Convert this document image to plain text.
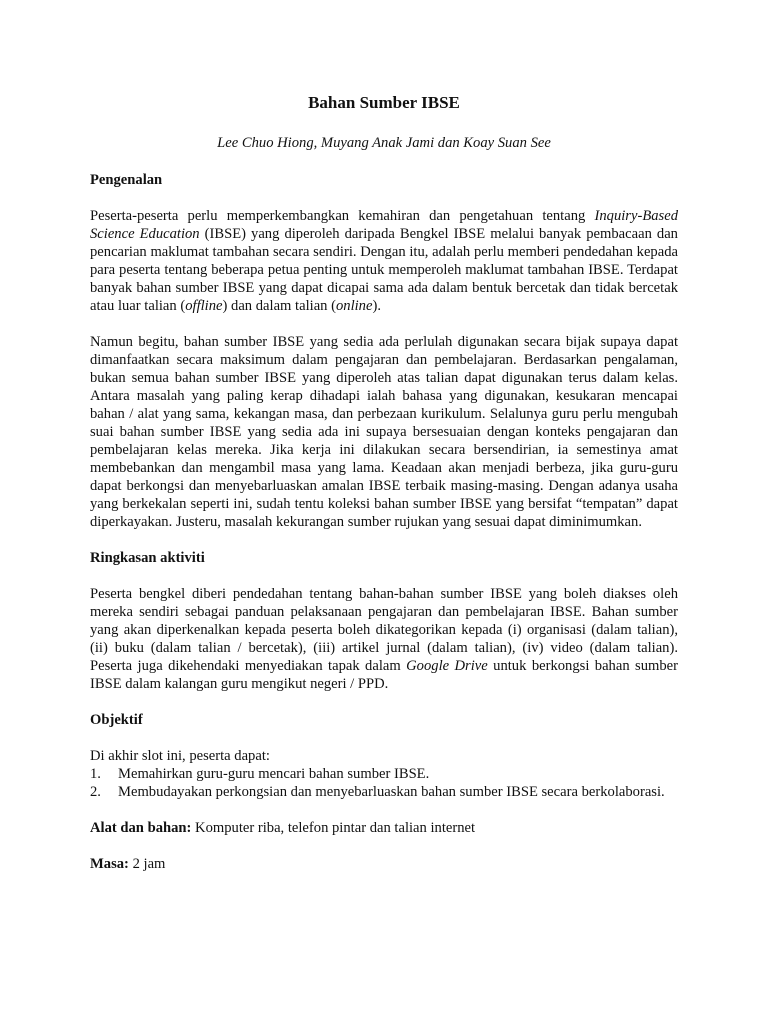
Bahan Sumber IBSE
Lee Chuo Hiong, Muyang Anak Jami dan Koay Suan See
Pengenalan

Peserta-peserta perlu memperkembangkan kemahiran dan pengetahuan tentang Inquiry-Based Science Education (IBSE) yang diperoleh daripada Bengkel IBSE melalui banyak pembacaan dan pencarian maklumat tambahan secara sendiri. Dengan itu, adalah perlu memberi pendedahan kepada para peserta tentang beberapa petua penting untuk memperoleh maklumat tambahan IBSE. Terdapat banyak bahan sumber IBSE yang dapat dicapai sama ada dalam bentuk bercetak dan tidak bercetak atau luar talian (offline) dan dalam talian (online).

Namun begitu, bahan sumber IBSE yang sedia ada perlulah digunakan secara bijak supaya dapat dimanfaatkan secara maksimum dalam pengajaran dan pembelajaran. Berdasarkan pengalaman, bukan semua bahan sumber IBSE yang diperoleh atas talian dapat digunakan terus dalam kelas. Antara masalah yang paling kerap dihadapi ialah bahasa yang digunakan, kesukaran mencapai bahan / alat yang sama, kekangan masa, dan perbezaan kurikulum. Selalunya guru perlu mengubah suai bahan sumber IBSE yang sedia ada ini supaya bersesuaian dengan konteks pengajaran dan pembelajaran kelas mereka. Jika kerja ini dilakukan secara bersendirian, ia semestinya amat membebankan dan mengambil masa yang lama. Keadaan akan menjadi berbeza, jika guru-guru dapat berkongsi dan menyebarluaskan amalan IBSE terbaik masing-masing. Dengan adanya usaha yang berkekalan seperti ini, sudah tentu koleksi bahan sumber IBSE yang bersifat “tempatan” dapat diperkayakan. Justeru, masalah kekurangan sumber rujukan yang sesuai dapat diminimumkan.

Ringkasan aktiviti

Peserta bengkel diberi pendedahan tentang bahan-bahan sumber IBSE yang boleh diakses oleh mereka sendiri sebagai panduan pelaksanaan pengajaran dan pembelajaran IBSE. Bahan sumber yang akan diperkenalkan kepada peserta boleh dikategorikan kepada (i) organisasi (dalam talian), (ii) buku (dalam talian / bercetak), (iii) artikel jurnal (dalam talian), (iv) video (dalam talian). Peserta juga dikehendaki menyediakan tapak dalam Google Drive untuk berkongsi bahan sumber IBSE dalam kalangan guru mengikut negeri / PPD.

Objektif

Di akhir slot ini, peserta dapat:

1. Memahirkan guru-guru mencari bahan sumber IBSE.
2. Membudayakan perkongsian dan menyebarluaskan bahan sumber IBSE secara berkolaborasi.
Alat dan bahan: Komputer riba, telefon pintar dan talian internet
Masa: 2 jam
